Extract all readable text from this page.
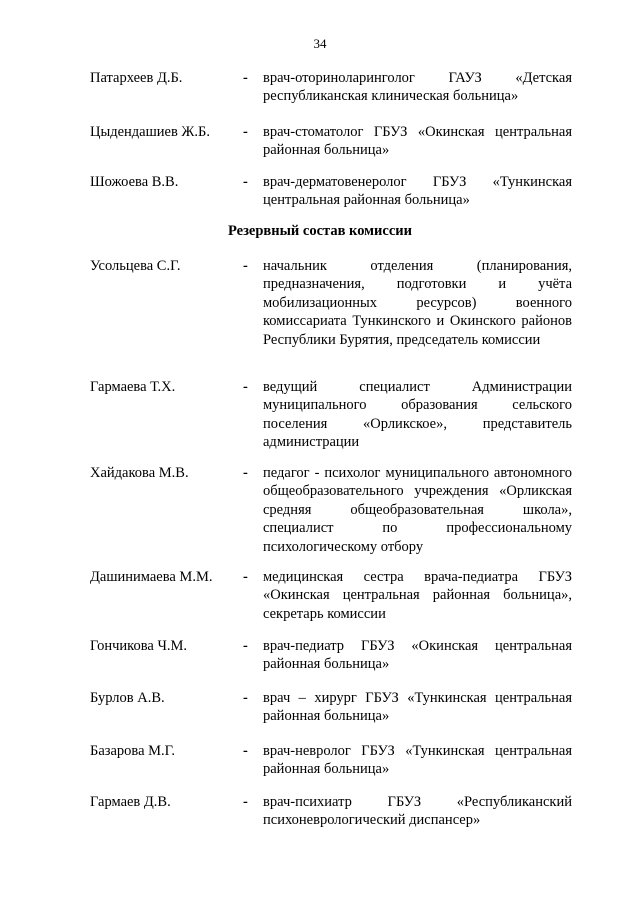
34
Патархеев Д.Б.	- врач-оториноларинголог ГАУЗ «Детская республиканская клиническая больница»
Цыдендашиев Ж.Б. - врач-стоматолог ГБУЗ «Окинская центральная районная больница»
Шожоева В.В.	- врач-дерматовенеролог ГБУЗ «Тункинская центральная районная больница»
Резервный состав комиссии
Усольцева С.Г.	- начальник отделения (планирования, предназначения, подготовки и учёта мобилизационных ресурсов) военного комиссариата Тункинского и Окинского районов Республики Бурятия, председатель комиссии
Гармаева Т.Х.	- ведущий специалист Администрации муниципального образования сельского поселения «Орликское», представитель администрации
Хайдакова М.В.	- педагог - психолог муниципального автономного общеобразовательного учреждения «Орликская средняя общеобразовательная школа», специалист по профессиональному психологическому отбору
Дашинимаева М.М. - медицинская сестра врача-педиатра ГБУЗ «Окинская центральная районная больница», секретарь комиссии
Гончикова Ч.М.	- врач-педиатр ГБУЗ «Окинская центральная районная больница»
Бурлов А.В.	- врач – хирург ГБУЗ «Тункинская центральная районная больница»
Базарова М.Г.	- врач-невролог ГБУЗ «Тункинская центральная районная больница»
Гармаев Д.В.	- врач-психиатр ГБУЗ «Республиканский психоневрологический диспансер»
